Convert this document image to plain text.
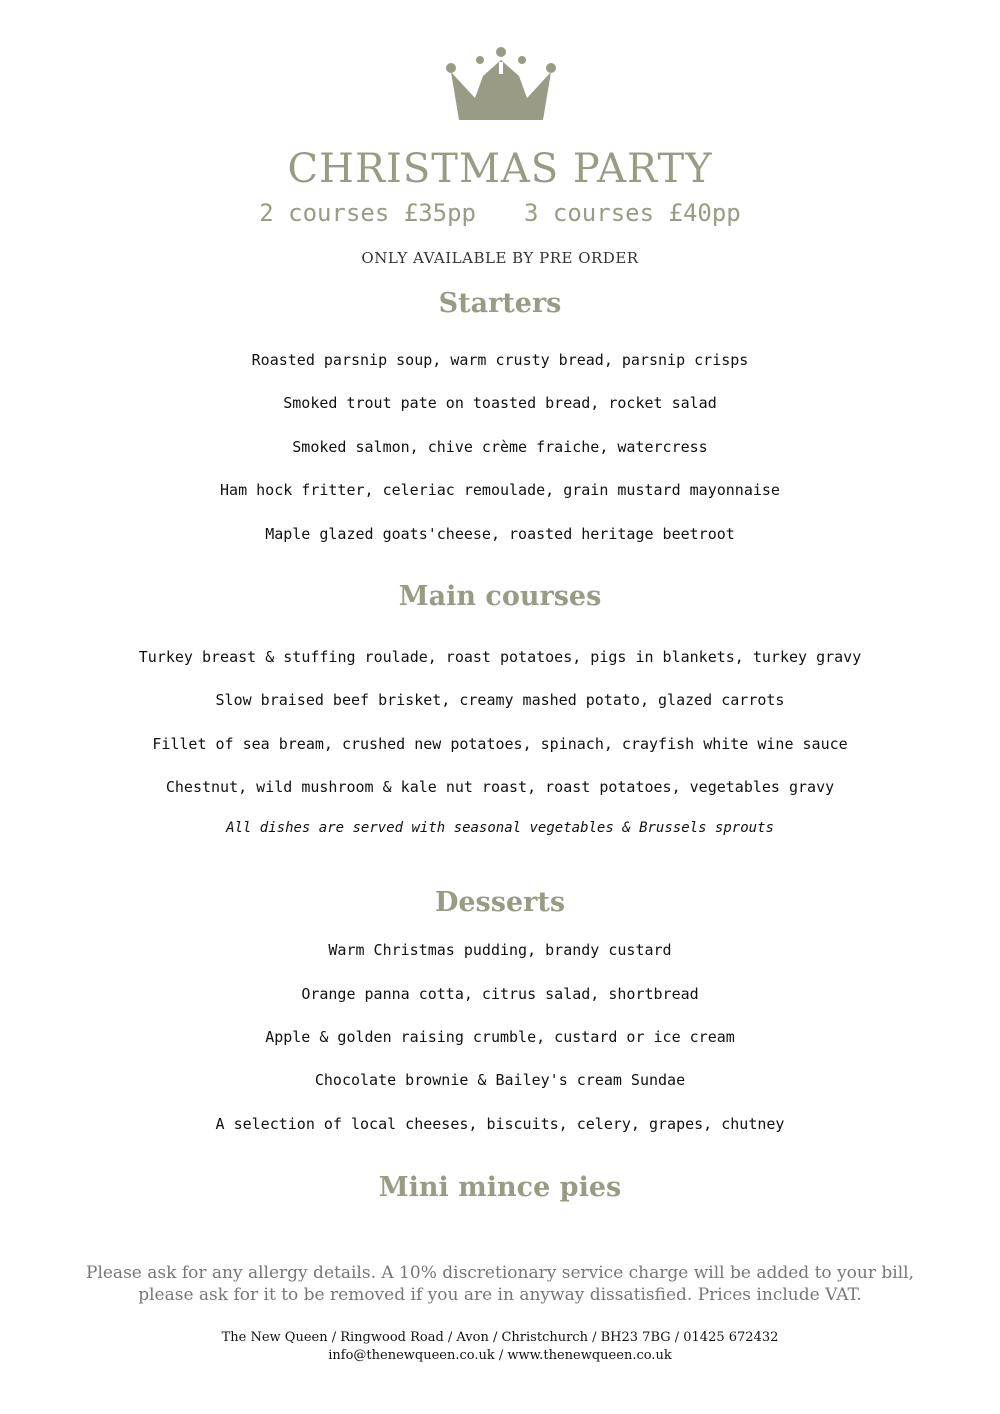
CHRISTMAS PARTY
2 courses £35pp 3 courses £40pp
ONLY AVAILABLE BY PRE ORDER
Starters
Roasted parsnip soup, warm crusty bread, parsnip crisps
Smoked trout pate on toasted bread, rocket salad
Smoked salmon, chive crème fraiche, watercress
Ham hock fritter, celeriac remoulade, grain mustard mayonnaise
Maple glazed goats'cheese, roasted heritage beetroot
Main courses
Turkey breast & stuffing roulade, roast potatoes, pigs in blankets, turkey gravy
Slow braised beef brisket, creamy mashed potato, glazed carrots
Fillet of sea bream, crushed new potatoes, spinach, crayfish white wine sauce
Chestnut, wild mushroom & kale nut roast, roast potatoes, vegetables gravy
All dishes are served with seasonal vegetables & Brussels sprouts
Desserts
Warm Christmas pudding, brandy custard
Orange panna cotta, citrus salad, shortbread
Apple & golden raising crumble, custard or ice cream
Chocolate brownie & Bailey's cream Sundae
A selection of local cheeses, biscuits, celery, grapes, chutney
Mini mince pies
Please ask for any allergy details. A 10% discretionary service charge will be added to your bill,
please ask for it to be removed if you are in anyway dissatisfied. Prices include VAT.
The New Queen / Ringwood Road / Avon / Christchurch / BH23 7BG / 01425 672432
info@thenewqueen.co.uk / www.thenewqueen.co.uk
